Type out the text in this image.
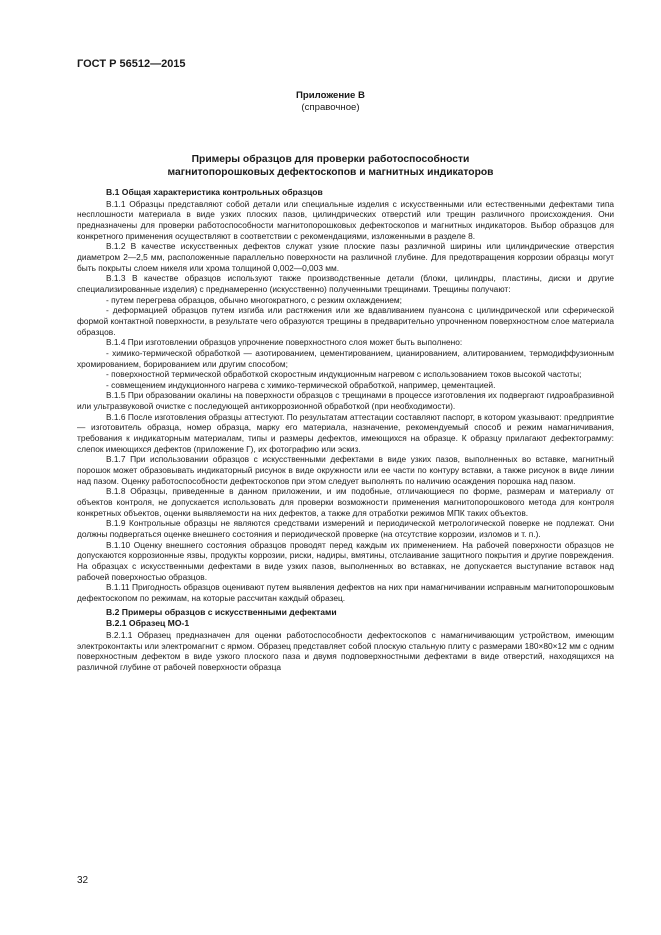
ГОСТ Р 56512—2015
Приложение В
(справочное)
Примеры образцов для проверки работоспособности
магнитопорошковых дефектоскопов и магнитных индикаторов

В.1 Общая характеристика контрольных образцов

В.1.1 Образцы представляют собой детали или специальные изделия с искусственными или естественными дефектами типа несплошности материала в виде узких плоских пазов, цилиндрических отверстий или трещин различного происхождения. Они предназначены для проверки работоспособности магнитопорошковых дефектоскопов и магнитных индикаторов. Выбор образцов для конкретного применения осуществляют в соответствии с рекомендациями, изложенными в разделе 8.

В.1.2 В качестве искусственных дефектов служат узкие плоские пазы различной ширины или цилиндрические отверстия диаметром 2—2,5 мм, расположенные параллельно поверхности на различной глубине. Для предотвращения коррозии образцы могут быть покрыты слоем никеля или хрома толщиной 0,002—0,003 мм.

В.1.3 В качестве образцов используют также производственные детали (блоки, цилиндры, пластины, диски и другие специализированные изделия) с преднамеренно (искусственно) полученными трещинами. Трещины получают:

- путем перегрева образцов, обычно многократного, с резким охлаждением;

- деформацией образцов путем изгиба или растяжения или же вдавливанием пуансона с цилиндрической или сферической формой контактной поверхности, в результате чего образуются трещины в предварительно упрочненном поверхностном слое материала образцов.

В.1.4 При изготовлении образцов упрочнение поверхностного слоя может быть выполнено:

- химико-термической обработкой — азотированием, цементированием, цианированием, алитированием, термодиффузионным хромированием, борированием или другим способом;

- поверхностной термической обработкой скоростным индукционным нагревом с использованием токов высокой частоты;

- совмещением индукционного нагрева с химико-термической обработкой, например, цементацией.

В.1.5 При образовании окалины на поверхности образцов с трещинами в процессе изготовления их подвергают гидроабразивной или ультразвуковой очистке с последующей антикоррозионной обработкой (при необходимости).

В.1.6 После изготовления образцы аттестуют. По результатам аттестации составляют паспорт, в котором указывают: предприятие — изготовитель образца, номер образца, марку его материала, назначение, рекомендуемый способ и режим намагничивания, требования к индикаторным материалам, типы и размеры дефектов, имеющихся на образце. К образцу прилагают дефектограмму: слепок имеющихся дефектов (приложение Г), их фотографию или эскиз.

В.1.7 При использовании образцов с искусственными дефектами в виде узких пазов, выполненных во вставке, магнитный порошок может образовывать индикаторный рисунок в виде окружности или ее части по контуру вставки, а также рисунок в виде линии над пазом. Оценку работоспособности дефектоскопов при этом следует выполнять по наличию осаждения порошка над пазом.

В.1.8 Образцы, приведенные в данном приложении, и им подобные, отличающиеся по форме, размерам и материалу от объектов контроля, не допускается использовать для проверки возможности применения магнитопорошкового метода для контроля конкретных объектов, оценки выявляемости на них дефектов, а также для отработки режимов МПК таких объектов.

В.1.9 Контрольные образцы не являются средствами измерений и периодической метрологической поверке не подлежат. Они должны подвергаться оценке внешнего состояния и периодической проверке (на отсутствие коррозии, изломов и т. п.).

В.1.10 Оценку внешнего состояния образцов проводят перед каждым их применением. На рабочей поверхности образцов не допускаются коррозионные язвы, продукты коррозии, риски, надиры, вмятины, отслаивание защитного покрытия и другие повреждения. На образцах с искусственными дефектами в виде узких пазов, выполненных во вставках, не допускается выступание вставок над рабочей поверхностью образцов.

В.1.11 Пригодность образцов оценивают путем выявления дефектов на них при намагничивании исправным магнитопорошковым дефектоскопом по режимам, на которые рассчитан каждый образец.

В.2 Примеры образцов с искусственными дефектами

В.2.1 Образец МО-1

В.2.1.1 Образец предназначен для оценки работоспособности дефектоскопов с намагничивающим устройством, имеющим электроконтакты или электромагнит с ярмом. Образец представляет собой плоскую стальную плиту с размерами 180×80×12 мм с одним поверхностным дефектом в виде узкого плоского паза и двумя подповерхностными дефектами в виде отверстий, находящихся на различной глубине от рабочей поверхности образца

32
